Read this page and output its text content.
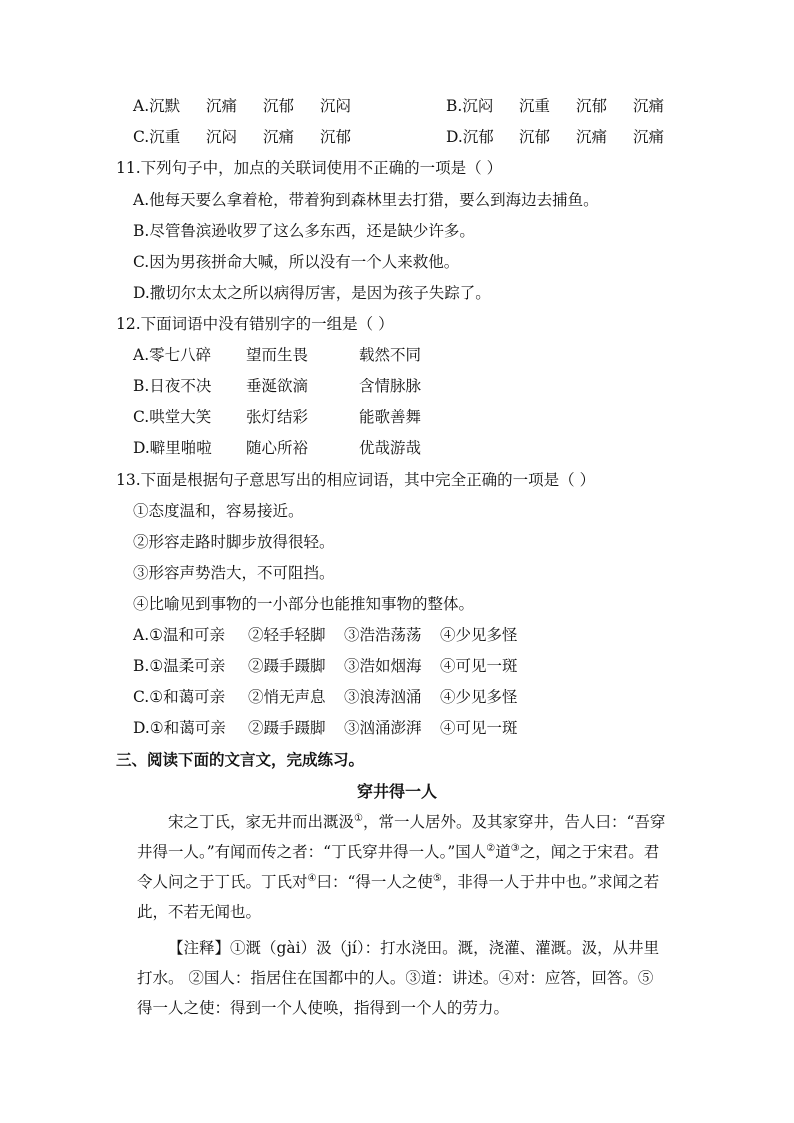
A.沉默 沉痛 沉郁 沉闷	B.沉闷 沉重 沉郁 沉痛
C.沉重 沉闷 沉痛 沉郁	D.沉郁 沉郁 沉痛 沉痛
11.下列句子中，加点的关联词使用不正确的一项是（ ）
A.他每天要么拿着枪，带着狗到森林里去打猎，要么到海边去捕鱼。
B.尽管鲁滨逊收罗了这么多东西，还是缺少许多。
C.因为男孩拼命大喊，所以没有一个人来救他。
D.撒切尔太太之所以病得厉害，是因为孩子失踪了。
12.下面词语中没有错别字的一组是（ ）
A.零七八碎 望而生畏	载然不同
B.日夜不决 垂涎欲滴	含情脉脉
C.哄堂大笑 张灯结彩	能歌善舞
D.噼里啪啦 随心所裕	优哉游哉
13.下面是根据句子意思写出的相应词语，其中完全正确的一项是（ ）
①态度温和，容易接近。
②形容走路时脚步放得很轻。
③形容声势浩大，不可阻挡。
④比喻见到事物的一小部分也能推知事物的整体。
A.①温和可亲 ②轻手轻脚 ③浩浩荡荡 ④少见多怪
B.①温柔可亲 ②蹑手蹑脚 ③浩如烟海 ④可见一斑
C.①和蔼可亲 ②悄无声息 ③浪涛汹涌 ④少见多怪
D.①和蔼可亲 ②蹑手蹑脚 ③汹涌澎湃 ④可见一斑
三、阅读下面的文言文，完成练习。
穿井得一人
宋之丁氏，家无井而出溉汲①，常一人居外。及其家穿井，告人曰：“吾穿井得一人。”有闻而传之者：“丁氏穿井得一人。”国人②道③之，闻之于宋君。君令人问之于丁氏。丁氏对④曰：“得一人之使⑤，非得一人于井中也。”求闻之若此，不若无闻也。
【注释】①溉（gài）汲（jí）：打水浇田。溉，浇灌、灌溉。汲，从井里打水。 ②国人：指居住在国都中的人。③道：讲述。④对：应答，回答。⑤得一人之使：得到一个人使唤，指得到一个人的劳力。
